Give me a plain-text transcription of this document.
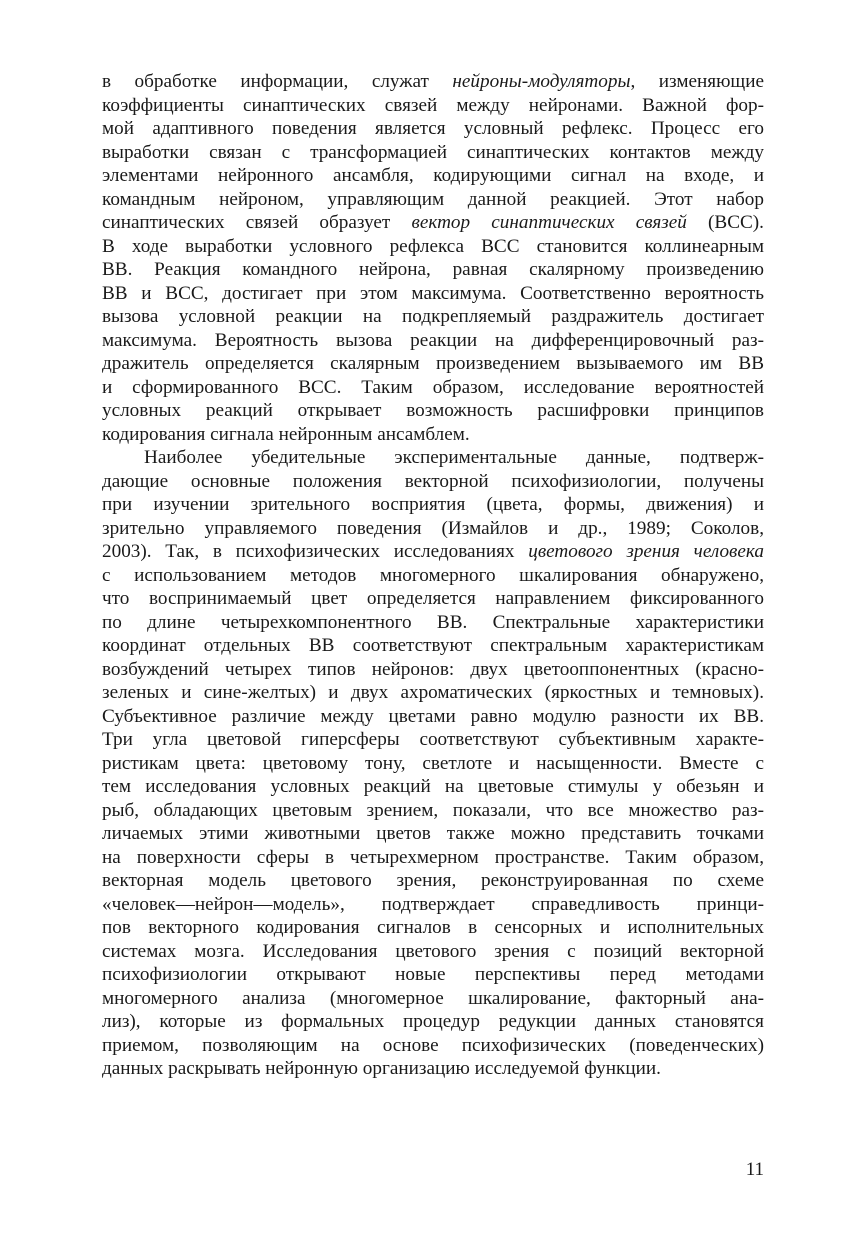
в обработке информации, служат нейроны-модуляторы, изменяющие
коэффициенты синаптических связей между нейронами. Важной фор-
мой адаптивного поведения является условный рефлекс. Процесс его
выработки связан с трансформацией синаптических контактов между
элементами нейронного ансамбля, кодирующими сигнал на входе, и
командным нейроном, управляющим данной реакцией. Этот набор
синаптических связей образует вектор синаптических связей (ВСС).
В ходе выработки условного рефлекса ВСС становится коллинеарным
ВВ. Реакция командного нейрона, равная скалярному произведению
ВВ и ВСС, достигает при этом максимума. Соответственно вероятность
вызова условной реакции на подкрепляемый раздражитель достигает
максимума. Вероятность вызова реакции на дифференцировочный раз-
дражитель определяется скалярным произведением вызываемого им ВВ
и сформированного ВСС. Таким образом, исследование вероятностей
условных реакций открывает возможность расшифровки принципов
кодирования сигнала нейронным ансамблем.
Наиболее убедительные экспериментальные данные, подтверж-
дающие основные положения векторной психофизиологии, получены
при изучении зрительного восприятия (цвета, формы, движения) и
зрительно управляемого поведения (Измайлов и др., 1989; Соколов,
2003). Так, в психофизических исследованиях цветового зрения человека
с использованием методов многомерного шкалирования обнаружено,
что воспринимаемый цвет определяется направлением фиксированного
по длине четырехкомпонентного ВВ. Спектральные характеристики
координат отдельных ВВ соответствуют спектральным характеристикам
возбуждений четырех типов нейронов: двух цветооппонентных (красно-
зеленых и сине-желтых) и двух ахроматических (яркостных и темновых).
Субъективное различие между цветами равно модулю разности их ВВ.
Три угла цветовой гиперсферы соответствуют субъективным характе-
ристикам цвета: цветовому тону, светлоте и насыщенности. Вместе с
тем исследования условных реакций на цветовые стимулы у обезьян и
рыб, обладающих цветовым зрением, показали, что все множество раз-
личаемых этими животными цветов также можно представить точками
на поверхности сферы в четырехмерном пространстве. Таким образом,
векторная модель цветового зрения, реконструированная по схеме
«человек—нейрон—модель», подтверждает справедливость принци-
пов векторного кодирования сигналов в сенсорных и исполнительных
системах мозга. Исследования цветового зрения с позиций векторной
психофизиологии открывают новые перспективы перед методами
многомерного анализа (многомерное шкалирование, факторный ана-
лиз), которые из формальных процедур редукции данных становятся
приемом, позволяющим на основе психофизических (поведенческих)
данных раскрывать нейронную организацию исследуемой функции.
11
